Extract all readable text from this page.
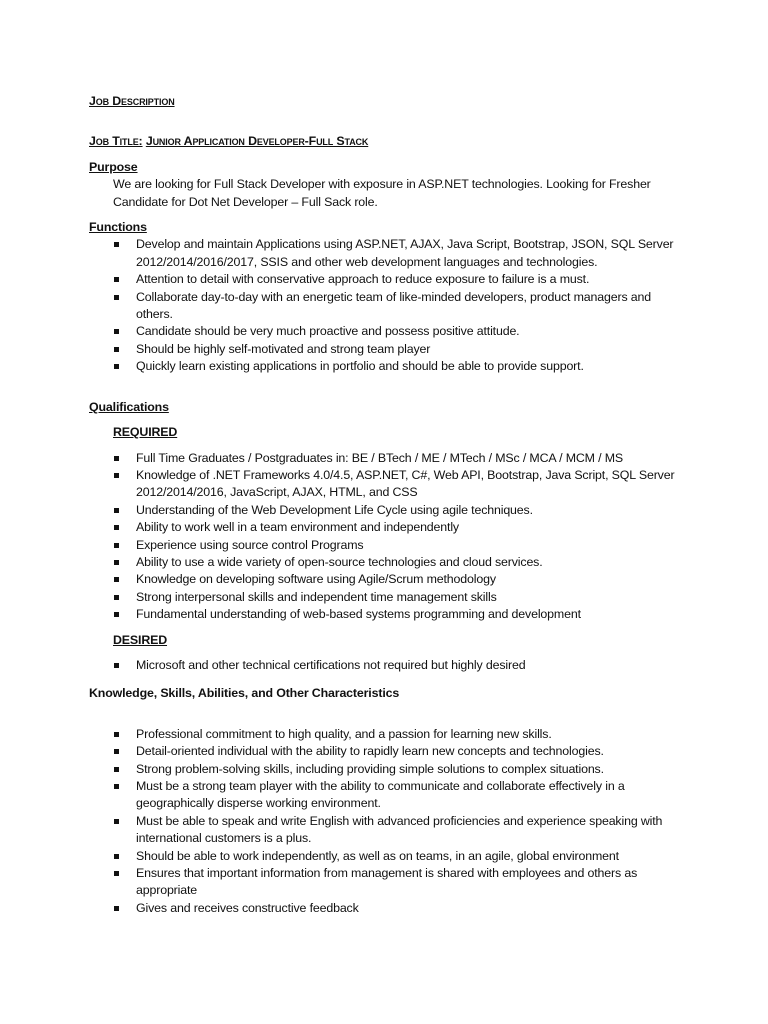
Job Description
Job Title: Junior Application Developer-Full Stack
Purpose
We are looking for Full Stack Developer with exposure in ASP.NET technologies. Looking for Fresher Candidate for Dot Net Developer – Full Sack role.
Functions
Develop and maintain Applications using ASP.NET, AJAX, Java Script, Bootstrap, JSON, SQL Server 2012/2014/2016/2017, SSIS and other web development languages and technologies.
Attention to detail with conservative approach to reduce exposure to failure is a must.
Collaborate day-to-day with an energetic team of like-minded developers, product managers and others.
Candidate should be very much proactive and possess positive attitude.
Should be highly self-motivated and strong team player
Quickly learn existing applications in portfolio and should be able to provide support.
Qualifications
REQUIRED
Full Time Graduates / Postgraduates in: BE / BTech / ME / MTech / MSc / MCA / MCM / MS
Knowledge of .NET Frameworks 4.0/4.5, ASP.NET, C#, Web API, Bootstrap, Java Script, SQL Server 2012/2014/2016, JavaScript, AJAX, HTML, and CSS
Understanding of the Web Development Life Cycle using agile techniques.
Ability to work well in a team environment and independently
Experience using source control Programs
Ability to use a wide variety of open-source technologies and cloud services.
Knowledge on developing software using Agile/Scrum methodology
Strong interpersonal skills and independent time management skills
Fundamental understanding of web-based systems programming and development
DESIRED
Microsoft and other technical certifications not required but highly desired
Knowledge, Skills, Abilities, and Other Characteristics
Professional commitment to high quality, and a passion for learning new skills.
Detail-oriented individual with the ability to rapidly learn new concepts and technologies.
Strong problem-solving skills, including providing simple solutions to complex situations.
Must be a strong team player with the ability to communicate and collaborate effectively in a geographically disperse working environment.
Must be able to speak and write English with advanced proficiencies and experience speaking with international customers is a plus.
Should be able to work independently, as well as on teams, in an agile, global environment
Ensures that important information from management is shared with employees and others as appropriate
Gives and receives constructive feedback
